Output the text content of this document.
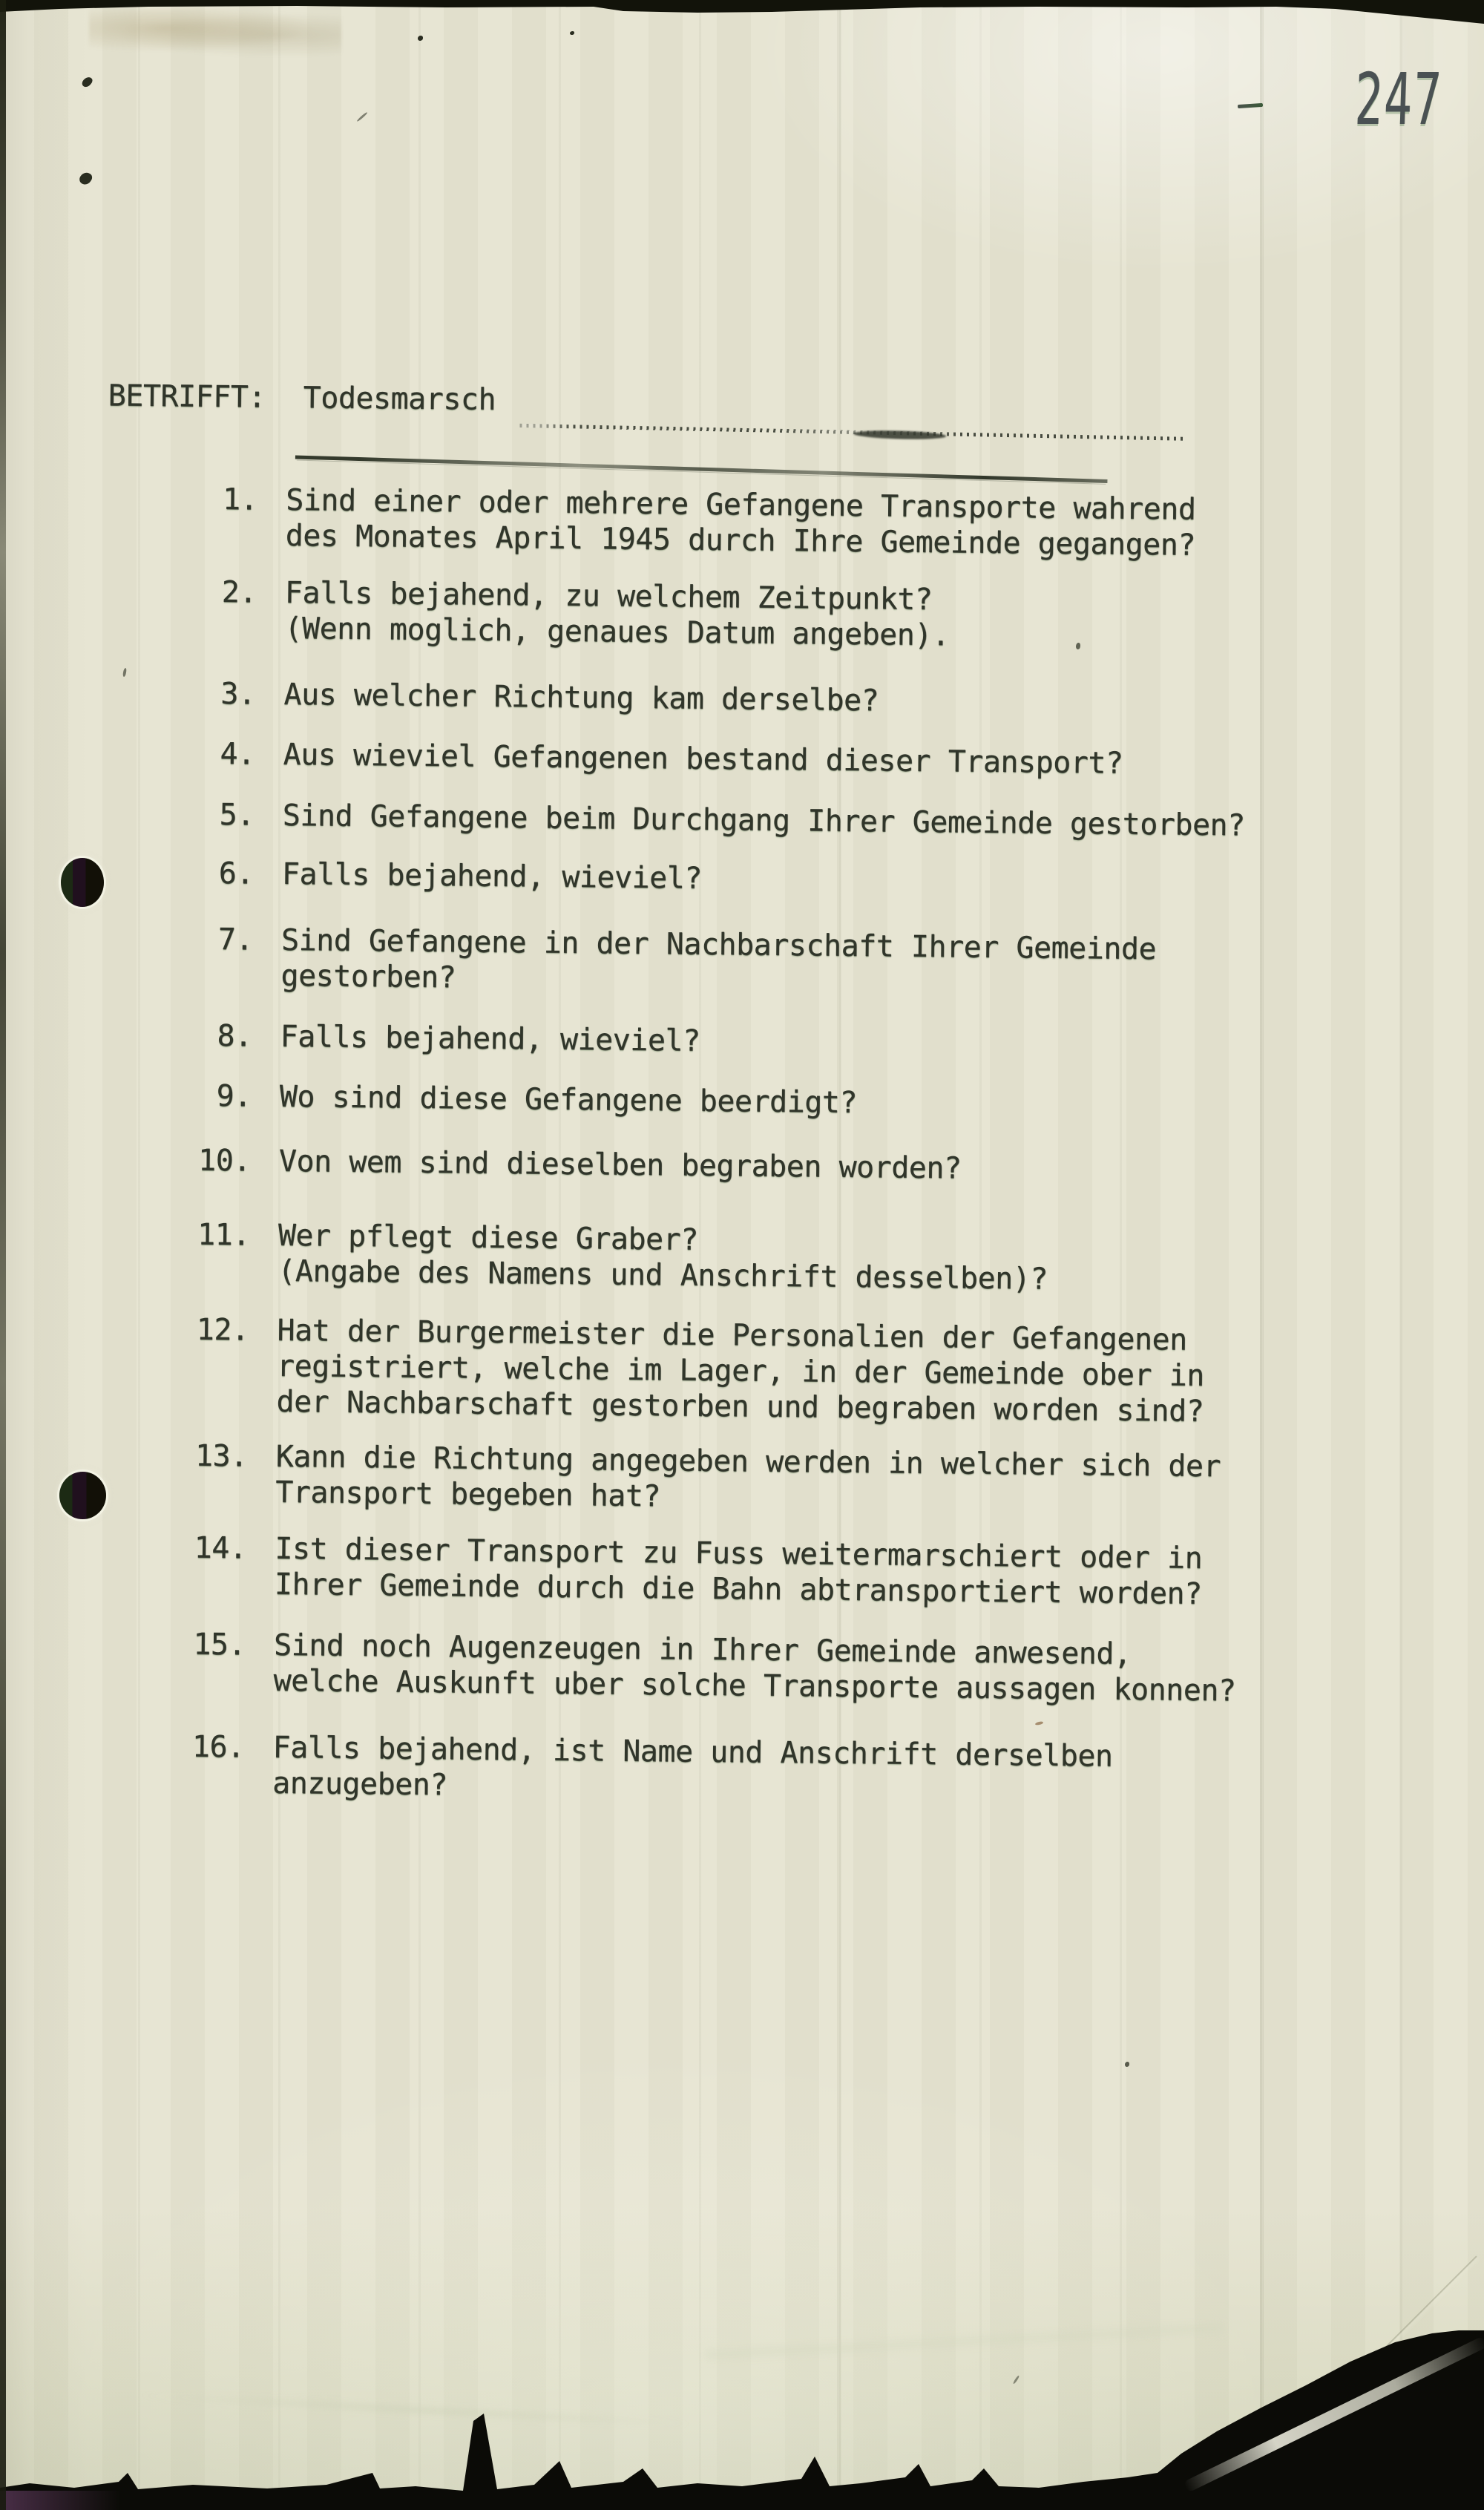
BETRIFFT: Todesmarsch
1. Sind einer oder mehrere Gefangene Transporte wahrend
des Monates April 1945 durch Ihre Gemeinde gegangen?
2. Falls bejahend, zu welchem Zeitpunkt?
(Wenn moglich, genaues Datum angeben).
3. Aus welcher Richtung kam derselbe?
4. Aus wieviel Gefangenen bestand dieser Transport?
5. Sind Gefangene beim Durchgang Ihrer Gemeinde gestorben?
6. Falls bejahend, wieviel?
7. Sind Gefangene in der Nachbarschaft Ihrer Gemeinde
gestorben?
8. Falls bejahend, wieviel?
9. Wo sind diese Gefangene beerdigt?
10. Von wem sind dieselben begraben worden?
11. Wer pflegt diese Graber?
(Angabe des Namens und Anschrift desselben)?
12. Hat der Burgermeister die Personalien der Gefangenen
registriert, welche im Lager, in der Gemeinde ober in
der Nachbarschaft gestorben und begraben worden sind?
13. Kann die Richtung angegeben werden in welcher sich der
Transport begeben hat?
14. Ist dieser Transport zu Fuss weitermarschiert oder in
Ihrer Gemeinde durch die Bahn abtransportiert worden?
15. Sind noch Augenzeugen in Ihrer Gemeinde anwesend,
welche Auskunft uber solche Transporte aussagen konnen?
16. Falls bejahend, ist Name und Anschrift derselben
anzugeben?
247
